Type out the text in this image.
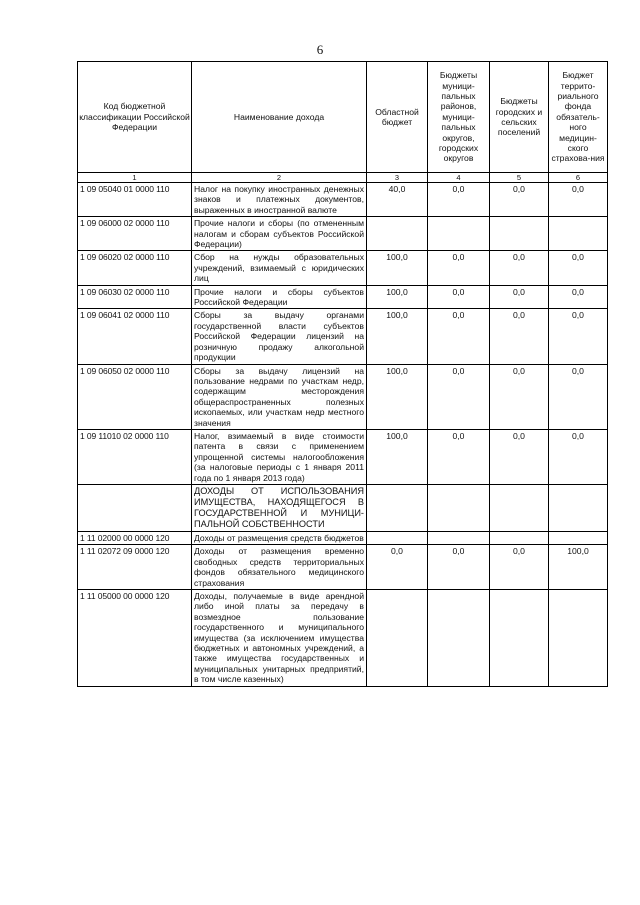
6
Код бюджетной классификации Российской Федерации	Наименование дохода	Областной бюджет	Бюджеты муници-пальных районов, муници-пальных округов, городских округов	Бюджеты городских и сельских поселений	Бюджет террито-риального фонда обязатель-ного медицин-ского страхова-ния
1	2	3	4	5	6
1 09 05040 01 0000 110	Налог на покупку иностранных денежных знаков и платежных документов, выраженных в иностранной валюте	40,0	0,0	0,0	0,0
1 09 06000 02 0000 110	Прочие налоги и сборы (по отмененным налогам и сборам субъектов Российской Федерации)				
1 09 06020 02 0000 110	Сбор на нужды образовательных учреждений, взимаемый с юридических лиц	100,0	0,0	0,0	0,0
1 09 06030 02 0000 110	Прочие налоги и сборы субъектов Российской Федерации	100,0	0,0	0,0	0,0
1 09 06041 02 0000 110	Сборы за выдачу органами государственной власти субъектов Российской Федерации лицензий на розничную продажу алкогольной продукции	100,0	0,0	0,0	0,0
1 09 06050 02 0000 110	Сборы за выдачу лицензий на пользование недрами по участкам недр, содержащим месторождения общераспространенных полезных ископаемых, или участкам недр местного значения	100,0	0,0	0,0	0,0
1 09 11010 02 0000 110	Налог, взимаемый в виде стоимости патента в связи с применением упрощенной системы налогообложения (за налоговые периоды с 1 января 2011 года по 1 января 2013 года)	100,0	0,0	0,0	0,0
	ДОХОДЫ ОТ ИСПОЛЬЗОВАНИЯ ИМУЩЕСТВА, НАХОДЯЩЕГОСЯ В ГОСУДАРСТВЕННОЙ И МУНИЦИ-ПАЛЬНОЙ СОБСТВЕННОСТИ				
1 11 02000 00 0000 120	Доходы от размещения средств бюджетов				
1 11 02072 09 0000 120	Доходы от размещения временно свободных средств территориальных фондов обязательного медицинского страхования	0,0	0,0	0,0	100,0
1 11 05000 00 0000 120	Доходы, получаемые в виде арендной либо иной платы за передачу в возмездное пользование государственного и муниципального имущества (за исключением имущества бюджетных и автономных учреждений, а также имущества государственных и муниципальных унитарных предприятий, в том числе казенных)				
